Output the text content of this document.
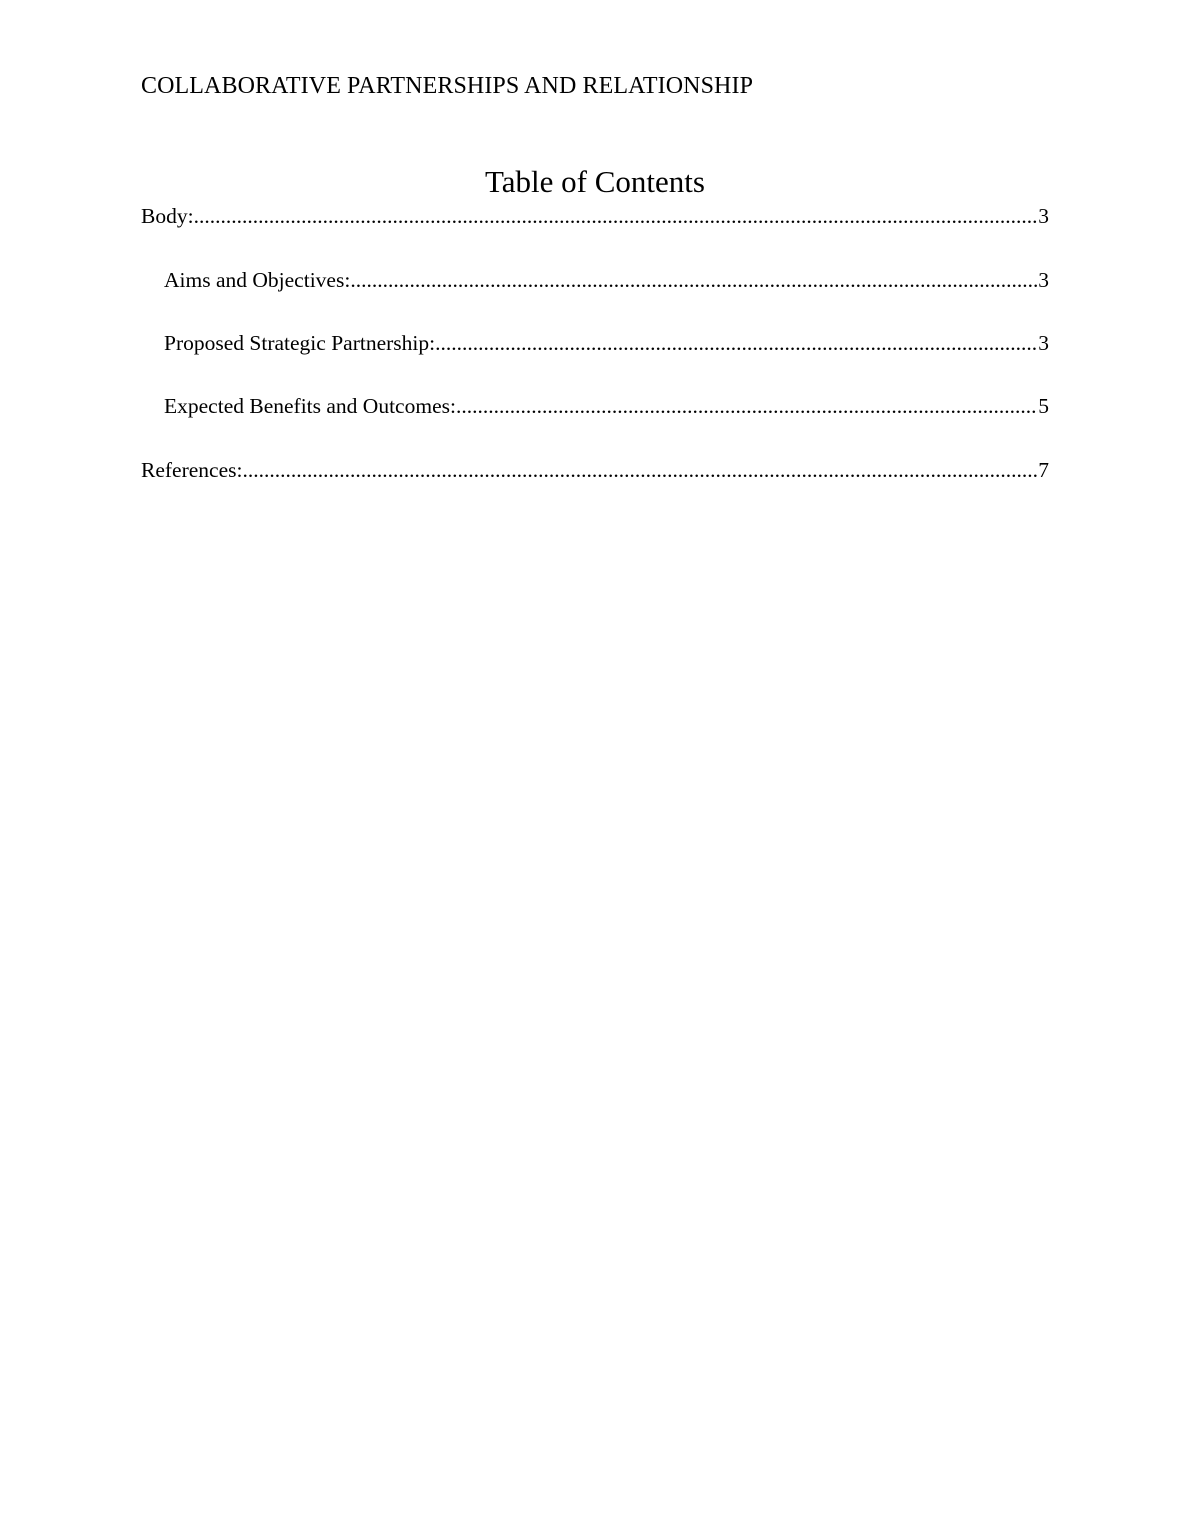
COLLABORATIVE PARTNERSHIPS AND RELATIONSHIP
Table of Contents
Body: .....	3
Aims and Objectives: .....	3
Proposed Strategic Partnership: .....	3
Expected Benefits and Outcomes: .....	5
References: .....	7
